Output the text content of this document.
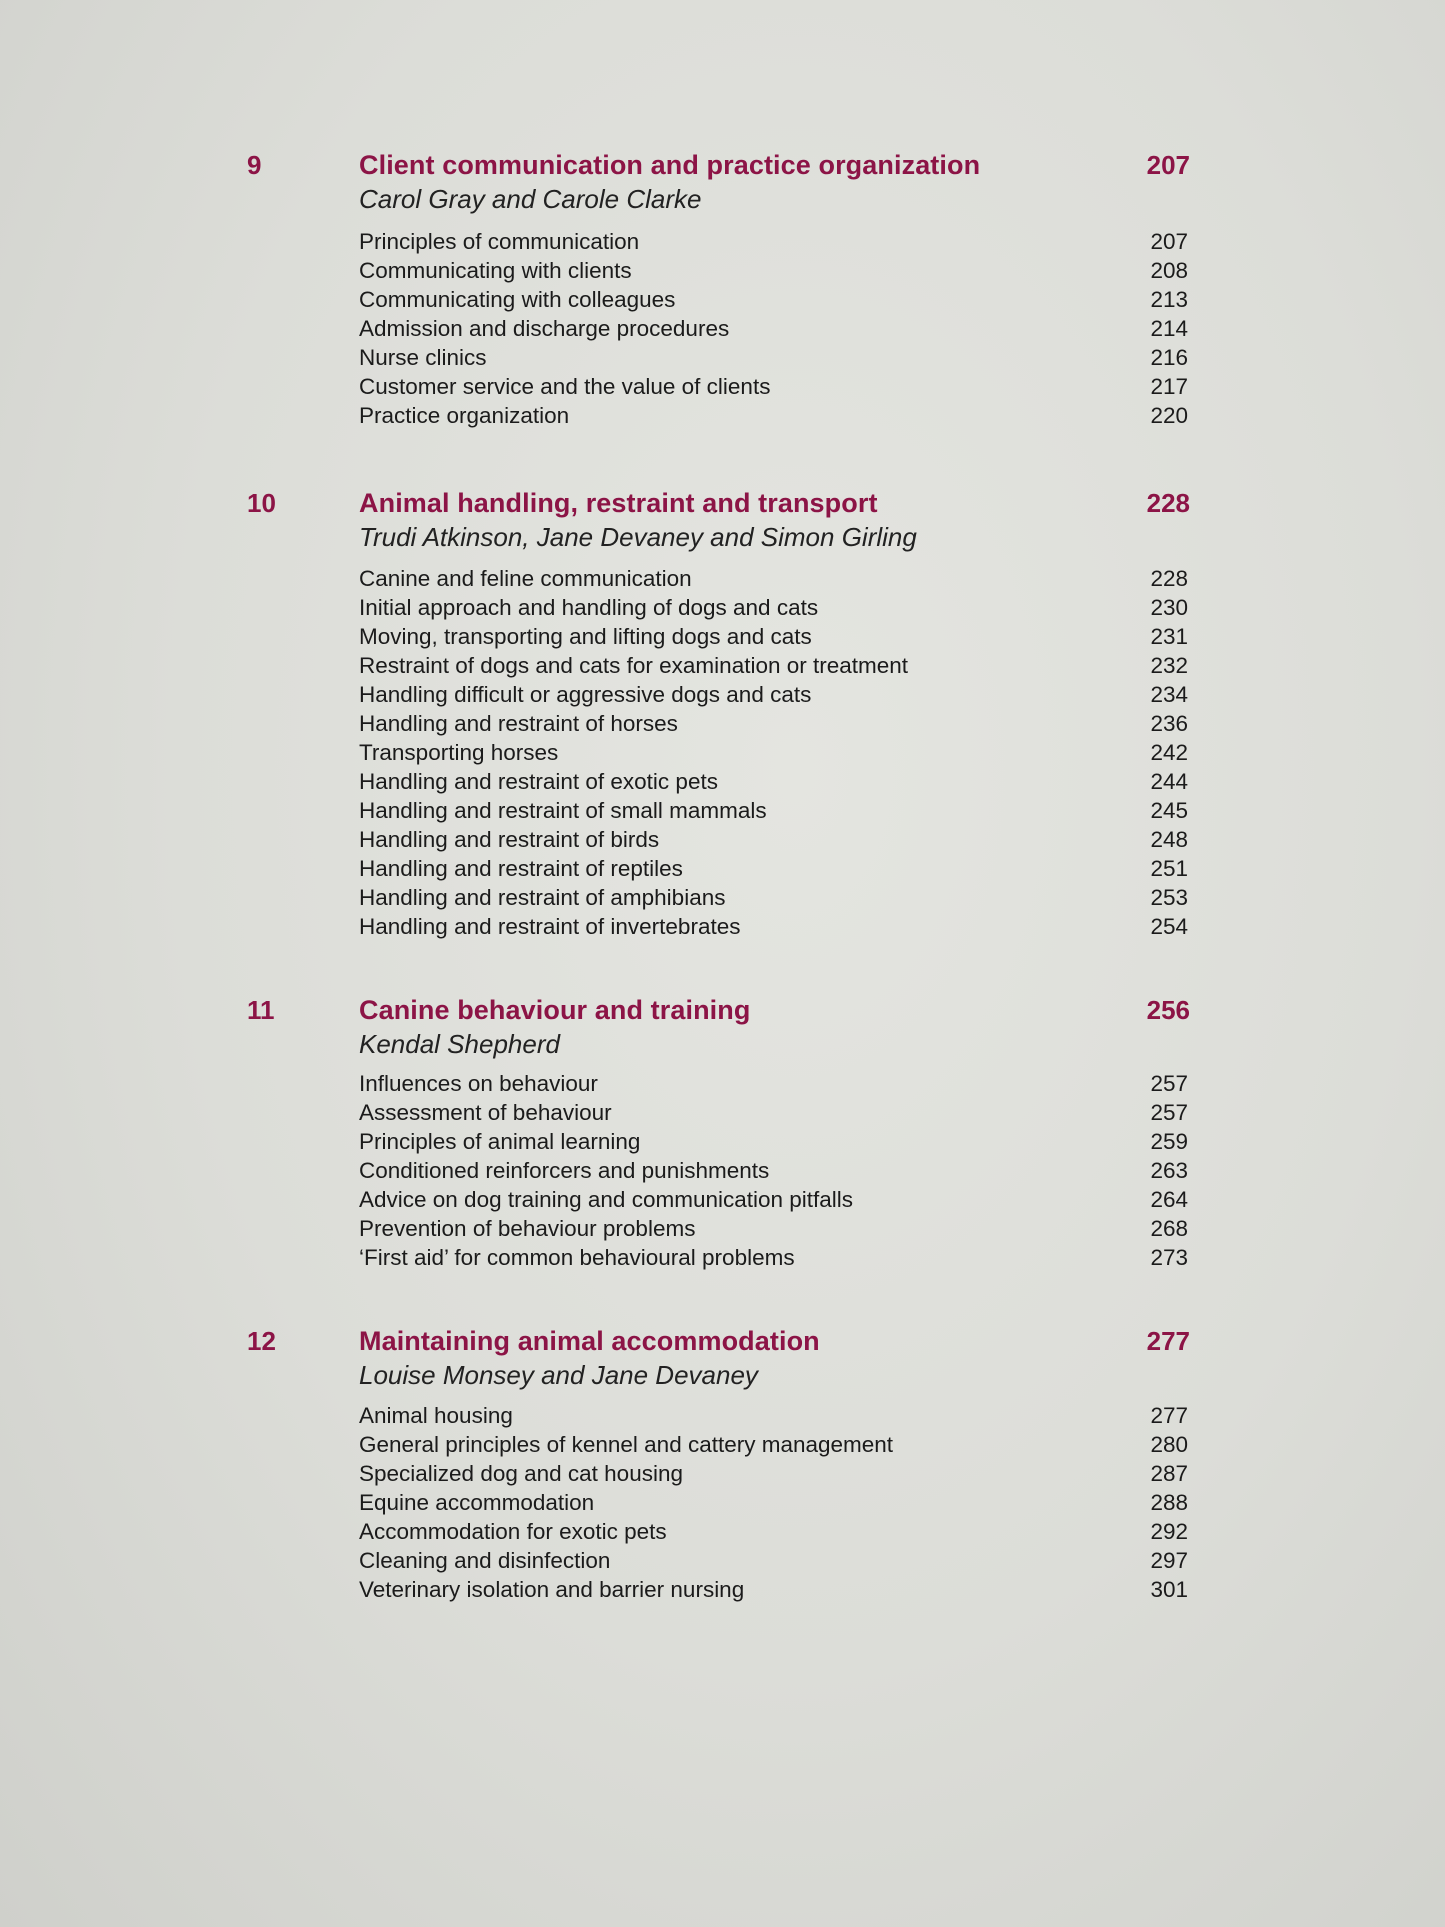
9	Client communication and practice organization	207
Carol Gray and Carole Clarke
Principles of communication	207
Communicating with clients	208
Communicating with colleagues	213
Admission and discharge procedures	214
Nurse clinics	216
Customer service and the value of clients	217
Practice organization	220
10	Animal handling, restraint and transport	228
Trudi Atkinson, Jane Devaney and Simon Girling
Canine and feline communication	228
Initial approach and handling of dogs and cats	230
Moving, transporting and lifting dogs and cats	231
Restraint of dogs and cats for examination or treatment	232
Handling difficult or aggressive dogs and cats	234
Handling and restraint of horses	236
Transporting horses	242
Handling and restraint of exotic pets	244
Handling and restraint of small mammals	245
Handling and restraint of birds	248
Handling and restraint of reptiles	251
Handling and restraint of amphibians	253
Handling and restraint of invertebrates	254
11	Canine behaviour and training	256
Kendal Shepherd
Influences on behaviour	257
Assessment of behaviour	257
Principles of animal learning	259
Conditioned reinforcers and punishments	263
Advice on dog training and communication pitfalls	264
Prevention of behaviour problems	268
‘First aid’ for common behavioural problems	273
12	Maintaining animal accommodation	277
Louise Monsey and Jane Devaney
Animal housing	277
General principles of kennel and cattery management	280
Specialized dog and cat housing	287
Equine accommodation	288
Accommodation for exotic pets	292
Cleaning and disinfection	297
Veterinary isolation and barrier nursing	301
